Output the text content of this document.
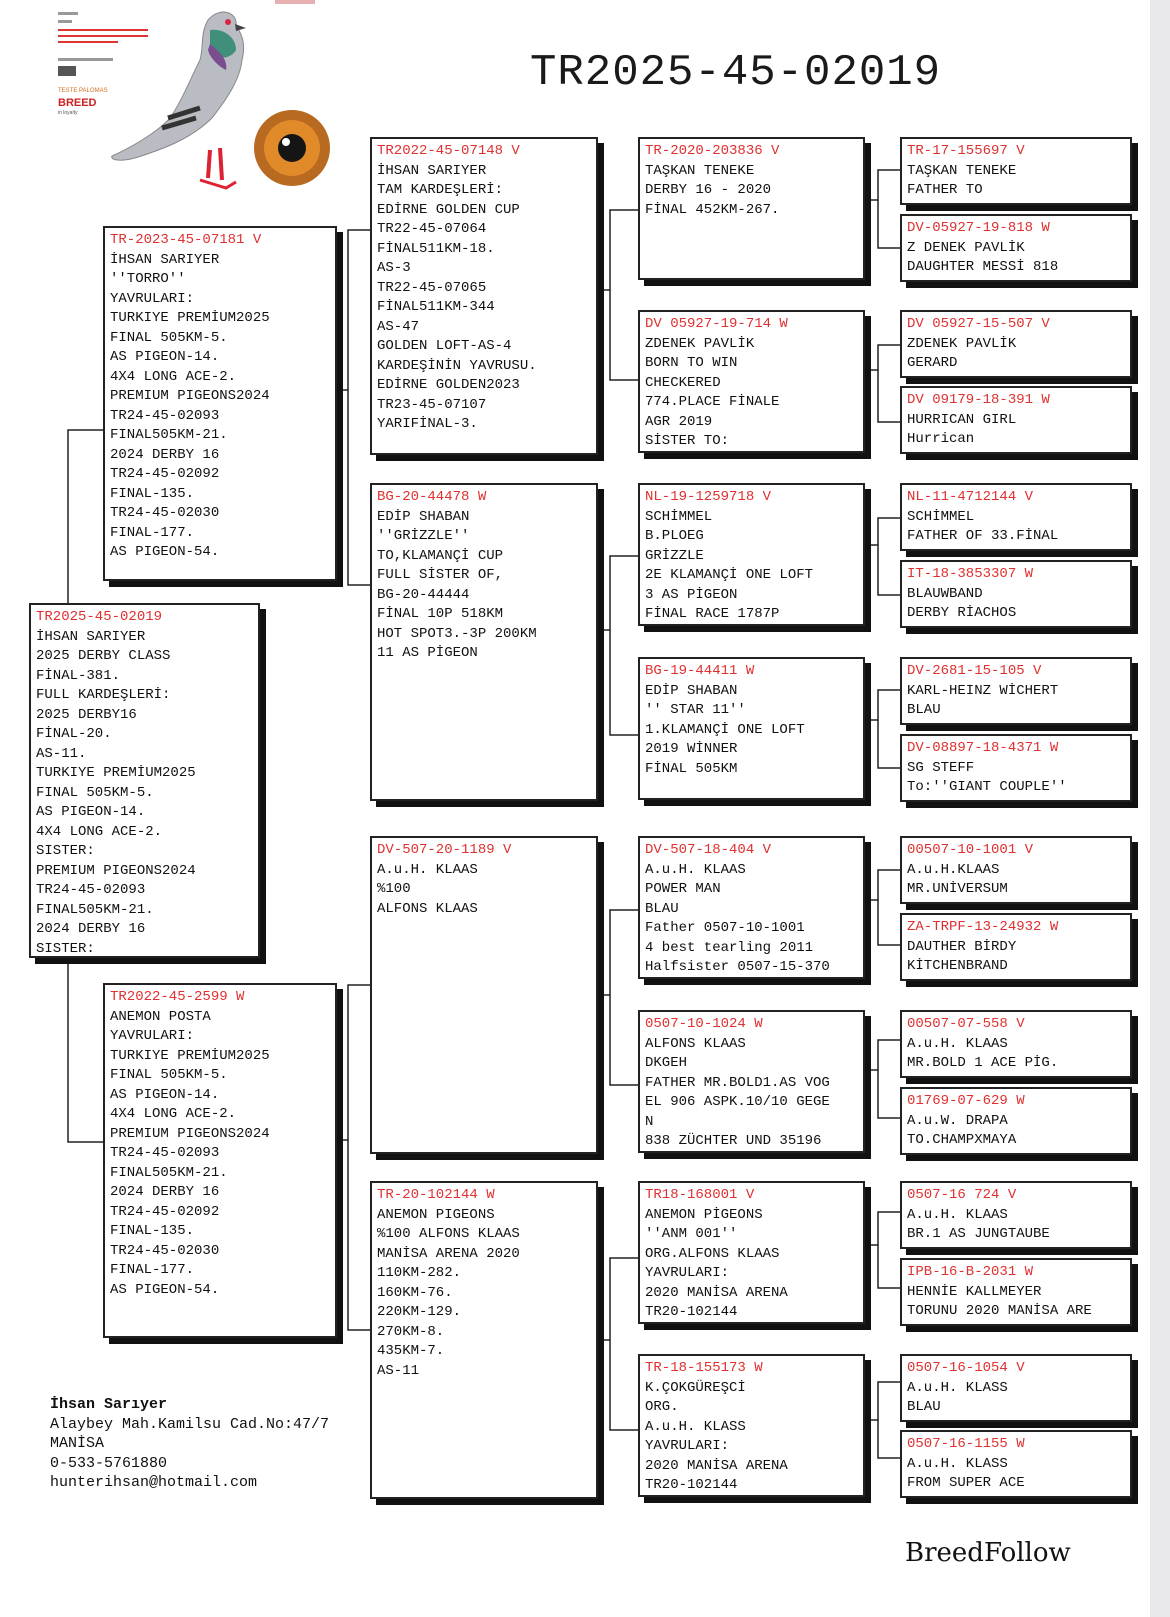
TESTE PALOMAS
BREED
in loyalty
TR2025-45-02019
TR2025-45-02019
İHSAN SARIYER
2025 DERBY CLASS
FİNAL-381.
FULL KARDEŞLERİ:
2025 DERBY16
FİNAL-20.
AS-11.
TURKIYE PREMİUM2025
FINAL 505KM-5.
AS PIGEON-14.
4X4 LONG ACE-2.
SISTER:
PREMIUM PIGEONS2024
TR24-45-02093
FINAL505KM-21.
2024 DERBY 16
SISTER:
TR-2023-45-07181 V
İHSAN SARIYER
''TORRO''
YAVRULARI:
TURKIYE PREMİUM2025
FINAL 505KM-5.
AS PIGEON-14.
4X4 LONG ACE-2.
PREMIUM PIGEONS2024
TR24-45-02093
FINAL505KM-21.
2024 DERBY 16
TR24-45-02092
FINAL-135.
TR24-45-02030
FINAL-177.
AS PIGEON-54.
TR2022-45-2599 W
ANEMON POSTA
YAVRULARI:
TURKIYE PREMİUM2025
FINAL 505KM-5.
AS PIGEON-14.
4X4 LONG ACE-2.
PREMIUM PIGEONS2024
TR24-45-02093
FINAL505KM-21.
2024 DERBY 16
TR24-45-02092
FINAL-135.
TR24-45-02030
FINAL-177.
AS PIGEON-54.
TR2022-45-07148 V
İHSAN SARIYER
TAM KARDEŞLERİ:
EDİRNE GOLDEN CUP
TR22-45-07064
FİNAL511KM-18.
AS-3
TR22-45-07065
FİNAL511KM-344
AS-47
GOLDEN LOFT-AS-4
KARDEŞİNİN YAVRUSU.
EDİRNE GOLDEN2023
TR23-45-07107
YARIFİNAL-3.
BG-20-44478 W
EDİP SHABAN
''GRİZZLE''
TO,KLAMANÇİ CUP
FULL SİSTER OF,
BG-20-44444
FİNAL 10P 518KM
HOT SPOT3.-3P 200KM
11 AS PİGEON
DV-507-20-1189 V
A.u.H. KLAAS
%100
ALFONS KLAAS
TR-20-102144 W
ANEMON PIGEONS
%100 ALFONS KLAAS
MANİSA ARENA 2020
110KM-282.
160KM-76.
220KM-129.
270KM-8.
435KM-7.
AS-11
TR-2020-203836 V
TAŞKAN TENEKE
DERBY 16 - 2020
FİNAL 452KM-267.
DV 05927-19-714 W
ZDENEK PAVLİK
BORN TO WIN
CHECKERED
774.PLACE FİNALE
AGR 2019
SİSTER TO:
NL-19-1259718 V
SCHİMMEL
B.PLOEG
GRİZZLE
2E KLAMANÇİ ONE LOFT
3 AS PİGEON
FİNAL RACE 1787P
BG-19-44411 W
EDİP SHABAN
'' STAR 11''
1.KLAMANÇİ ONE LOFT
2019 WİNNER
FİNAL 505KM
DV-507-18-404 V
A.u.H. KLAAS
POWER MAN
BLAU
Father 0507-10-1001
4 best tearling 2011
Halfsister 0507-15-370
0507-10-1024 W
ALFONS KLAAS
DKGEH
FATHER MR.BOLD1.AS VOG
EL 906 ASPK.10/10 GEGE
N
838 ZÜCHTER UND 35196
TR18-168001 V
ANEMON PİGEONS
''ANM 001''
ORG.ALFONS KLAAS
YAVRULARI:
2020 MANİSA ARENA
TR20-102144
TR-18-155173 W
K.ÇOKGÜREŞCİ
ORG.
A.u.H. KLASS
YAVRULARI:
2020 MANİSA ARENA
TR20-102144
TR-17-155697 V
TAŞKAN TENEKE
FATHER TO
DV-05927-19-818 W
Z DENEK PAVLİK
DAUGHTER MESSİ 818
DV 05927-15-507 V
ZDENEK PAVLİK
GERARD
DV 09179-18-391 W
HURRICAN GIRL
Hurrican
NL-11-4712144 V
SCHİMMEL
FATHER OF 33.FİNAL
IT-18-3853307 W
BLAUWBAND
DERBY RİACHOS
DV-2681-15-105 V
KARL-HEINZ WİCHERT
BLAU
DV-08897-18-4371 W
SG STEFF
To:''GIANT COUPLE''
00507-10-1001 V
A.u.H.KLAAS
MR.UNİVERSUM
ZA-TRPF-13-24932 W
DAUTHER BİRDY
KİTCHENBRAND
00507-07-558 V
A.u.H. KLAAS
MR.BOLD 1 ACE PİG.
01769-07-629 W
A.u.W. DRAPA
TO.CHAMPXMAYA
0507-16 724 V
A.u.H. KLAAS
BR.1 AS JUNGTAUBE
IPB-16-B-2031 W
HENNİE KALLMEYER
TORUNU 2020 MANİSA ARE
0507-16-1054 V
A.u.H. KLASS
BLAU
0507-16-1155 W
A.u.H. KLASS
FROM SUPER ACE
İhsan Sarıyer
Alaybey Mah.Kamilsu Cad.No:47/7
MANİSA
0-533-5761880
hunterihsan@hotmail.com
BreedFollow
